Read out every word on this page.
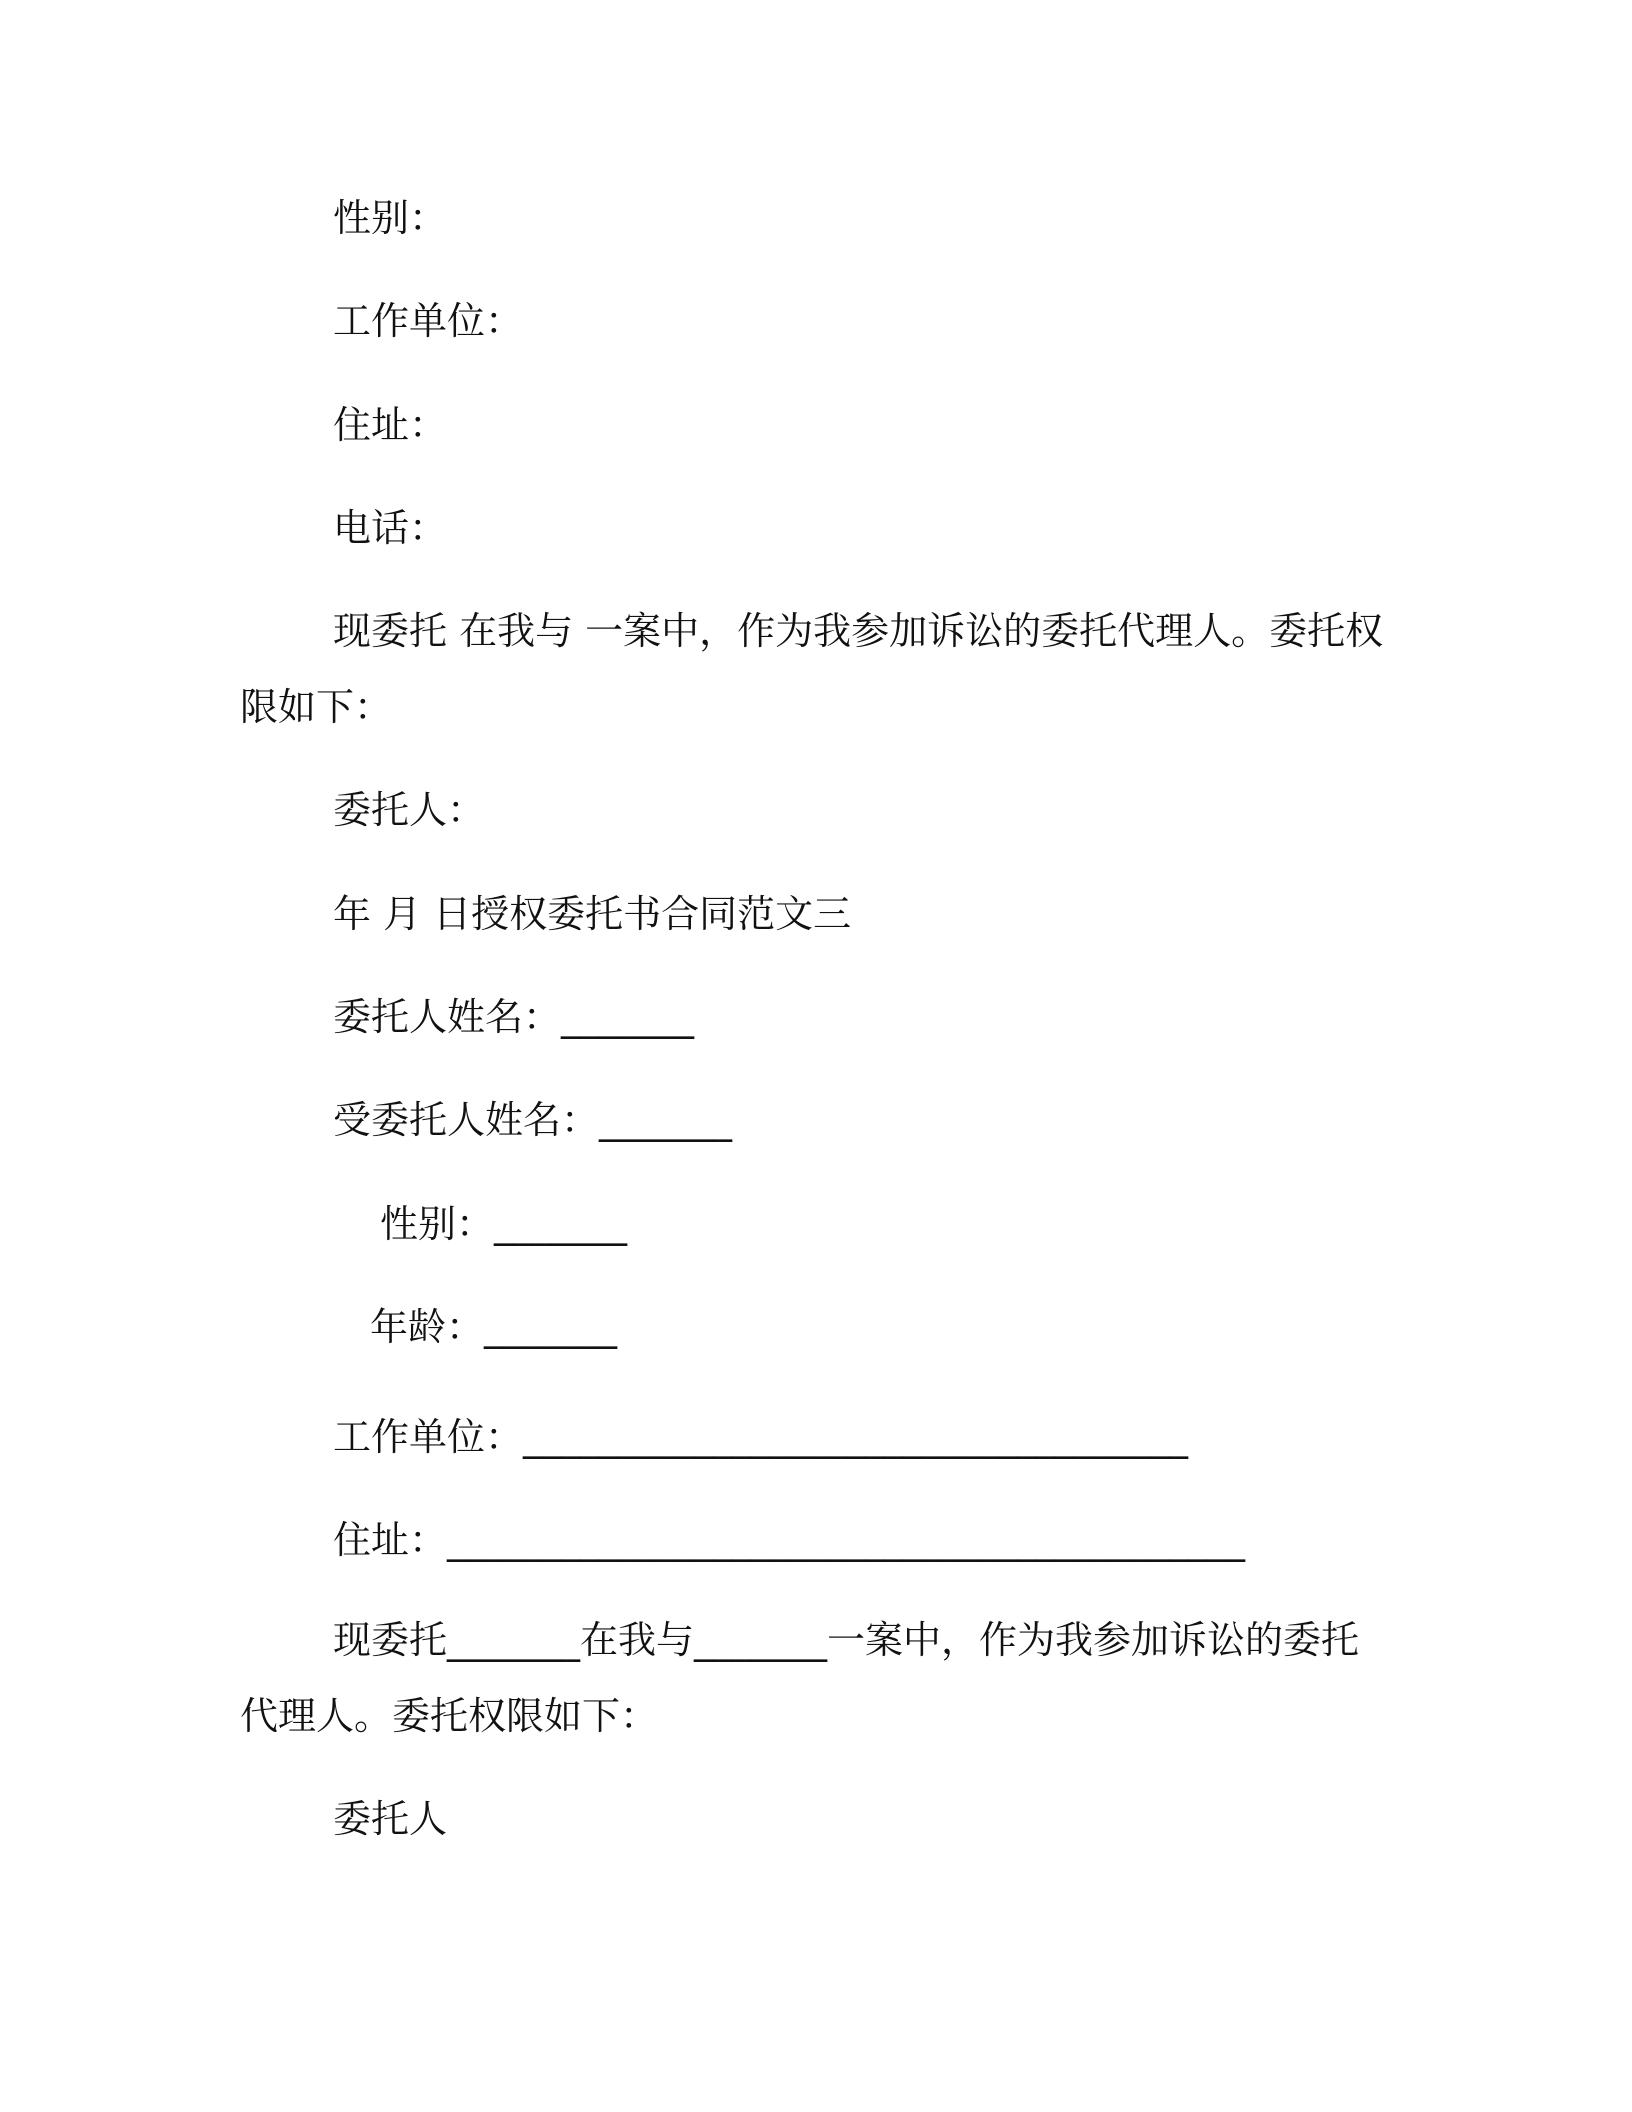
性别：
工作单位：
住址：
电话：
现委托 在我与 一案中，作为我参加诉讼的委托代理人。委托权
限如下：
委托人：
年 月 日授权委托书合同范文三
委托人姓名：_______
受委托人姓名：_______
性别：_______
年龄：_______
工作单位：___________________________________
住址：__________________________________________
现委托_______在我与_______一案中，作为我参加诉讼的委托
代理人。委托权限如下：
委托人
